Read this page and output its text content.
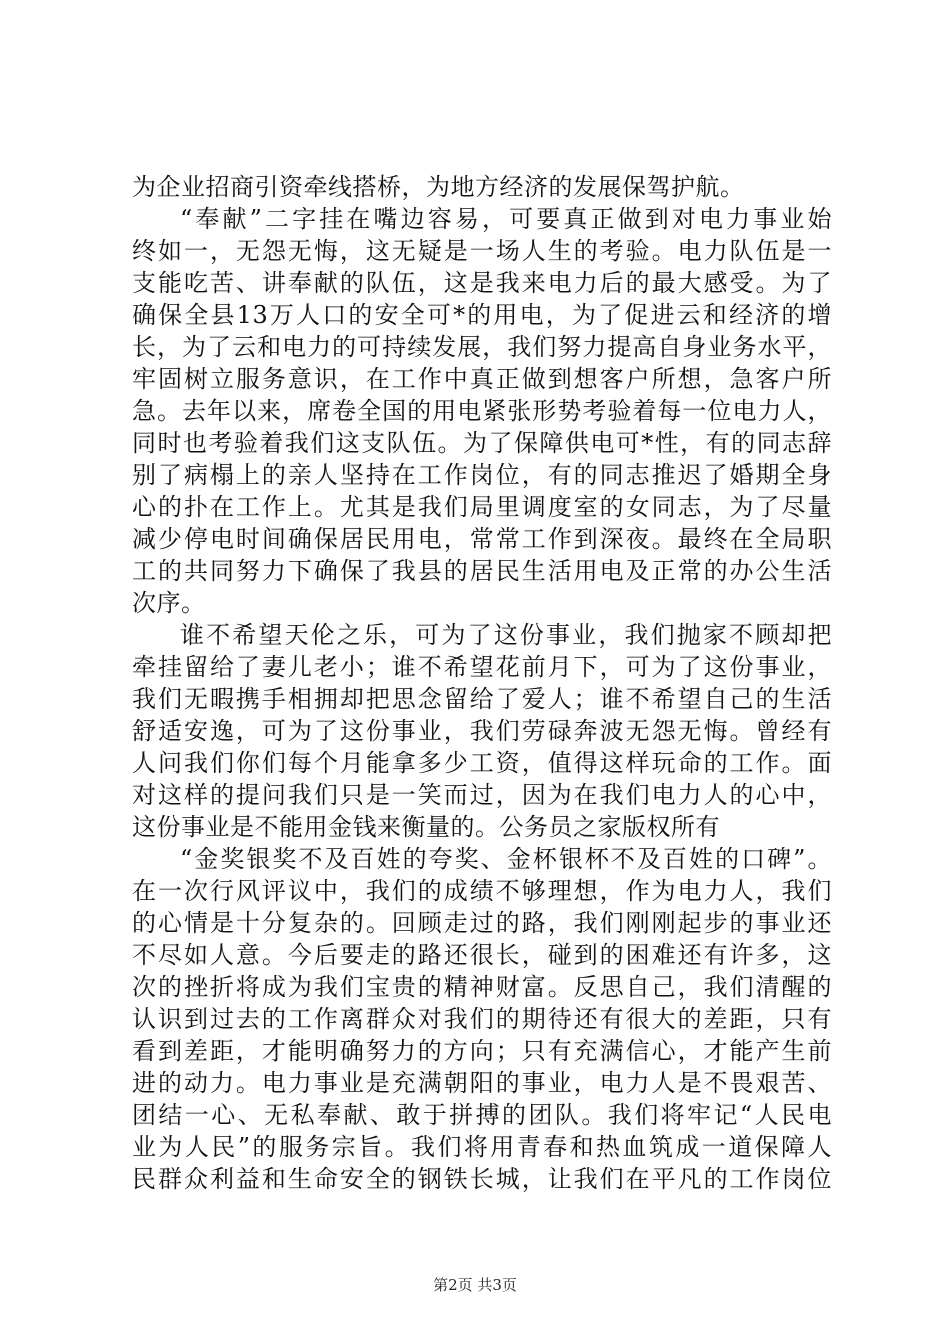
为企业招商引资牵线搭桥，为地方经济的发展保驾护航。
“奉献”二字挂在嘴边容易，可要真正做到对电力事业始
终如一，无怨无悔，这无疑是一场人生的考验。电力队伍是一
支能吃苦、讲奉献的队伍，这是我来电力后的最大感受。为了
确保全县13万人口的安全可*的用电，为了促进云和经济的增
长，为了云和电力的可持续发展，我们努力提高自身业务水平，
牢固树立服务意识，在工作中真正做到想客户所想，急客户所
急。去年以来，席卷全国的用电紧张形势考验着每一位电力人，
同时也考验着我们这支队伍。为了保障供电可*性，有的同志辞
别了病榻上的亲人坚持在工作岗位，有的同志推迟了婚期全身
心的扑在工作上。尤其是我们局里调度室的女同志，为了尽量
减少停电时间确保居民用电，常常工作到深夜。最终在全局职
工的共同努力下确保了我县的居民生活用电及正常的办公生活
次序。
谁不希望天伦之乐，可为了这份事业，我们抛家不顾却把
牵挂留给了妻儿老小；谁不希望花前月下，可为了这份事业，
我们无暇携手相拥却把思念留给了爱人；谁不希望自己的生活
舒适安逸，可为了这份事业，我们劳碌奔波无怨无悔。曾经有
人问我们你们每个月能拿多少工资，值得这样玩命的工作。面
对这样的提问我们只是一笑而过，因为在我们电力人的心中，
这份事业是不能用金钱来衡量的。公务员之家版权所有
“金奖银奖不及百姓的夸奖、金杯银杯不及百姓的口碑”。
在一次行风评议中，我们的成绩不够理想，作为电力人，我们
的心情是十分复杂的。回顾走过的路，我们刚刚起步的事业还
不尽如人意。今后要走的路还很长，碰到的困难还有许多，这
次的挫折将成为我们宝贵的精神财富。反思自己，我们清醒的
认识到过去的工作离群众对我们的期待还有很大的差距，只有
看到差距，才能明确努力的方向；只有充满信心，才能产生前
进的动力。电力事业是充满朝阳的事业，电力人是不畏艰苦、
团结一心、无私奉献、敢于拼搏的团队。我们将牢记“人民电
业为人民”的服务宗旨。我们将用青春和热血筑成一道保障人
民群众利益和生命安全的钢铁长城，让我们在平凡的工作岗位
第2页 共3页
